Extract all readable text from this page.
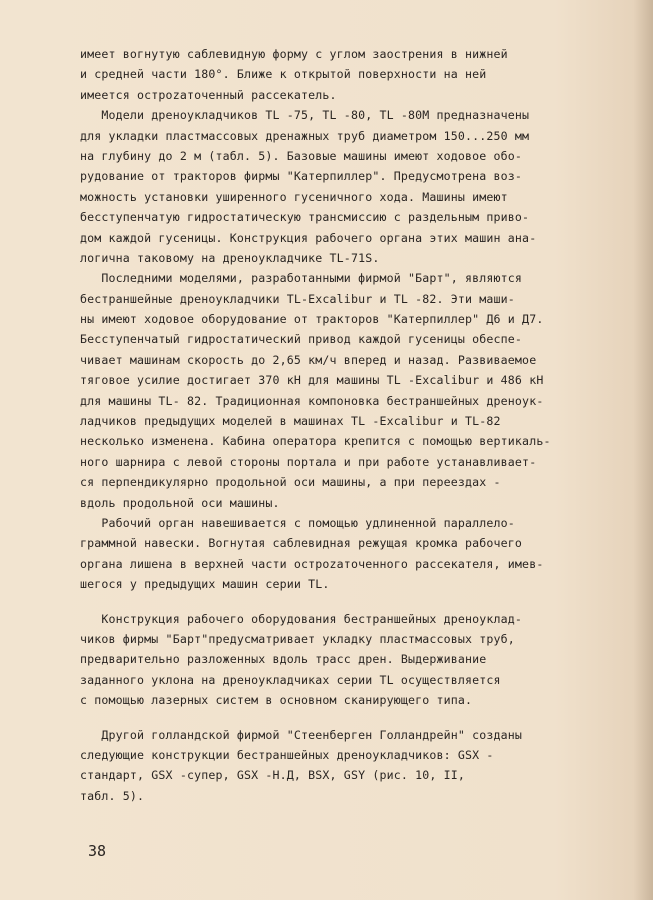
имеет вогнутую саблевидную форму с углом заострения в нижней
и средней части 180°. Ближе к открытой поверхности на ней
имеется остроzаточенный рассекатель.
Модели дреноукладчиков TL -75, TL -80, TL -80M предназначены
для укладки пластмассовых дренажных труб диаметром 150...250 мм
на глубину до 2 м (табл. 5). Базовые машины имеют ходовое обо-
рудование от тракторов фирмы "Катерпиллер". Предусмотрена воз-
можность установки уширенного гусеничного хода. Машины имеют
бесступенчатую гидростатическую трансмиссию с раздельным приво-
дом каждой гусеницы. Конструкция рабочего органа этих машин ана-
логична таковому на дреноукладчике TL-71S.
Последними моделями, разработанными фирмой "Барт", являются
бестраншейные дреноукладчики TL-Excalibur и TL -82. Эти маши-
ны имеют ходовое оборудование от тракторов "Катерпиллер" Д6 и Д7.
Бесступенчатый гидростатический привод каждой гусеницы обеспе-
чивает машинам скорость до 2,65 км/ч вперед и назад. Развиваемое
тяговое усилие достигает 370 кН для машины TL -Excalibur и 486 кН
для машины TL- 82. Традиционная компоновка бестраншейных дреноук-
ладчиков предыдущих моделей в машинах TL -Excalibur и TL-82
несколько изменена. Кабина оператора крепится с помощью вертикаль-
ного шарнира с левой стороны портала и при работе устанавливает-
ся перпендикулярно продольной оси машины, а при переездах -
вдоль продольной оси машины.
Рабочий орган навешивается с помощью удлиненной параллело-
граммной навески. Вогнутая саблевидная режущая кромка рабочего
органа лишена в верхней части остроzаточенного рассекателя, имев-
шегося у предыдущих машин серии TL.
Конструкция рабочего оборудования бестраншейных дреноуклад-
чиков фирмы "Барт"предусматривает укладку пластмассовых труб,
предварительно разложенных вдоль трасс дрен. Выдерживание
заданного уклона на дреноукладчиках серии TL осуществляется
с помощью лазерных систем в основном сканирующего типа.
Другой голландской фирмой "Стеенберген Голландрейн" созданы
следующие конструкции бестраншейных дреноукладчиков: GSX -
стандарт, GSX -супер, GSX -Н.Д, BSX, GSY (рис. 10, II,
табл. 5).
38
